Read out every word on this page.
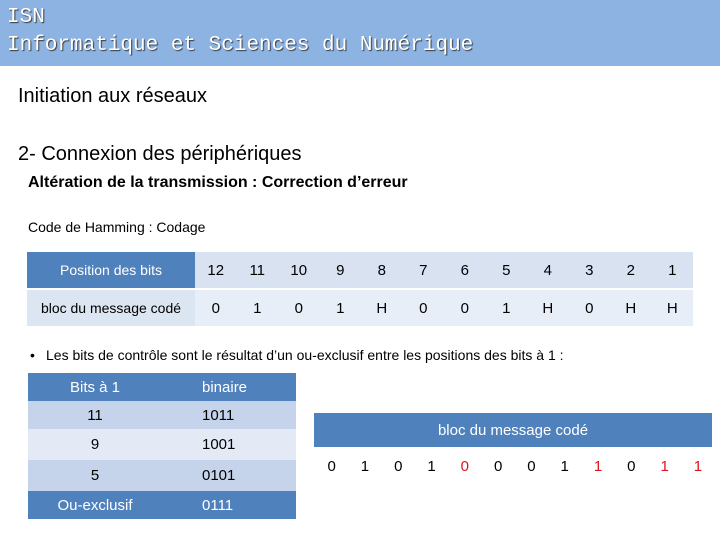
ISN
Informatique et Sciences du Numérique
Initiation aux réseaux
2- Connexion des périphériques
Altération de la transmission : Correction d’erreur
Code de Hamming : Codage
Position des bits	12	11	10	9	8	7	6	5	4	3	2	1
bloc du message codé	0	1	0	1	H	0	0	1	H	0	H	H
• Les bits de contrôle sont le résultat d’un ou-exclusif entre les positions des bits à 1 :
Bits à 1	binaire
11	1011
9	1001
5	0101
Ou-exclusif	0111
bloc du message codé
0	1	0	1	0	0	0	1	1	0	1	1
